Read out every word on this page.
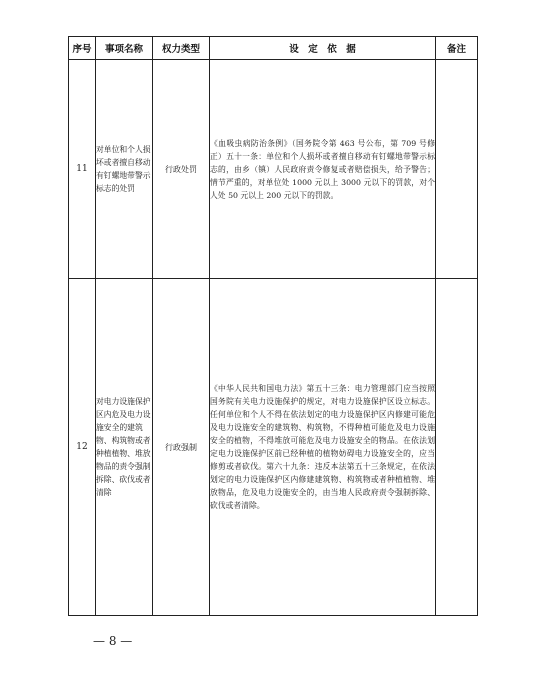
序号	事项名称	权力类型	设　定　依　据	备注
11	对单位和个人损坏或者擅自移动有钉螺地带警示标志的处罚	行政处罚	《血吸虫病防治条例》（国务院令第 463 号公布，第 709 号修正）五十一条：单位和个人损坏或者擅自移动有钉螺地带警示标志的，由乡（镇）人民政府责令修复或者赔偿损失，给予警告；情节严重的，对单位处 1000 元以上 3000 元以下的罚款，对个人处 50 元以上 200 元以下的罚款。	
12	对电力设施保护区内危及电力设施安全的建筑物、构筑物或者种植植物、堆放物品的责令强制拆除、砍伐或者清除	行政强制	《中华人民共和国电力法》第五十三条：电力管理部门应当按照国务院有关电力设施保护的规定，对电力设施保护区设立标志。任何单位和个人不得在依法划定的电力设施保护区内修建可能危及电力设施安全的建筑物、构筑物，不得种植可能危及电力设施安全的植物，不得堆放可能危及电力设施安全的物品。在依法划定电力设施保护区前已经种植的植物妨碍电力设施安全的，应当修剪或者砍伐。第六十九条：违反本法第五十三条规定，在依法划定的电力设施保护区内修建建筑物、构筑物或者种植植物、堆放物品，危及电力设施安全的，由当地人民政府责令强制拆除、砍伐或者清除。	
— 8 —
